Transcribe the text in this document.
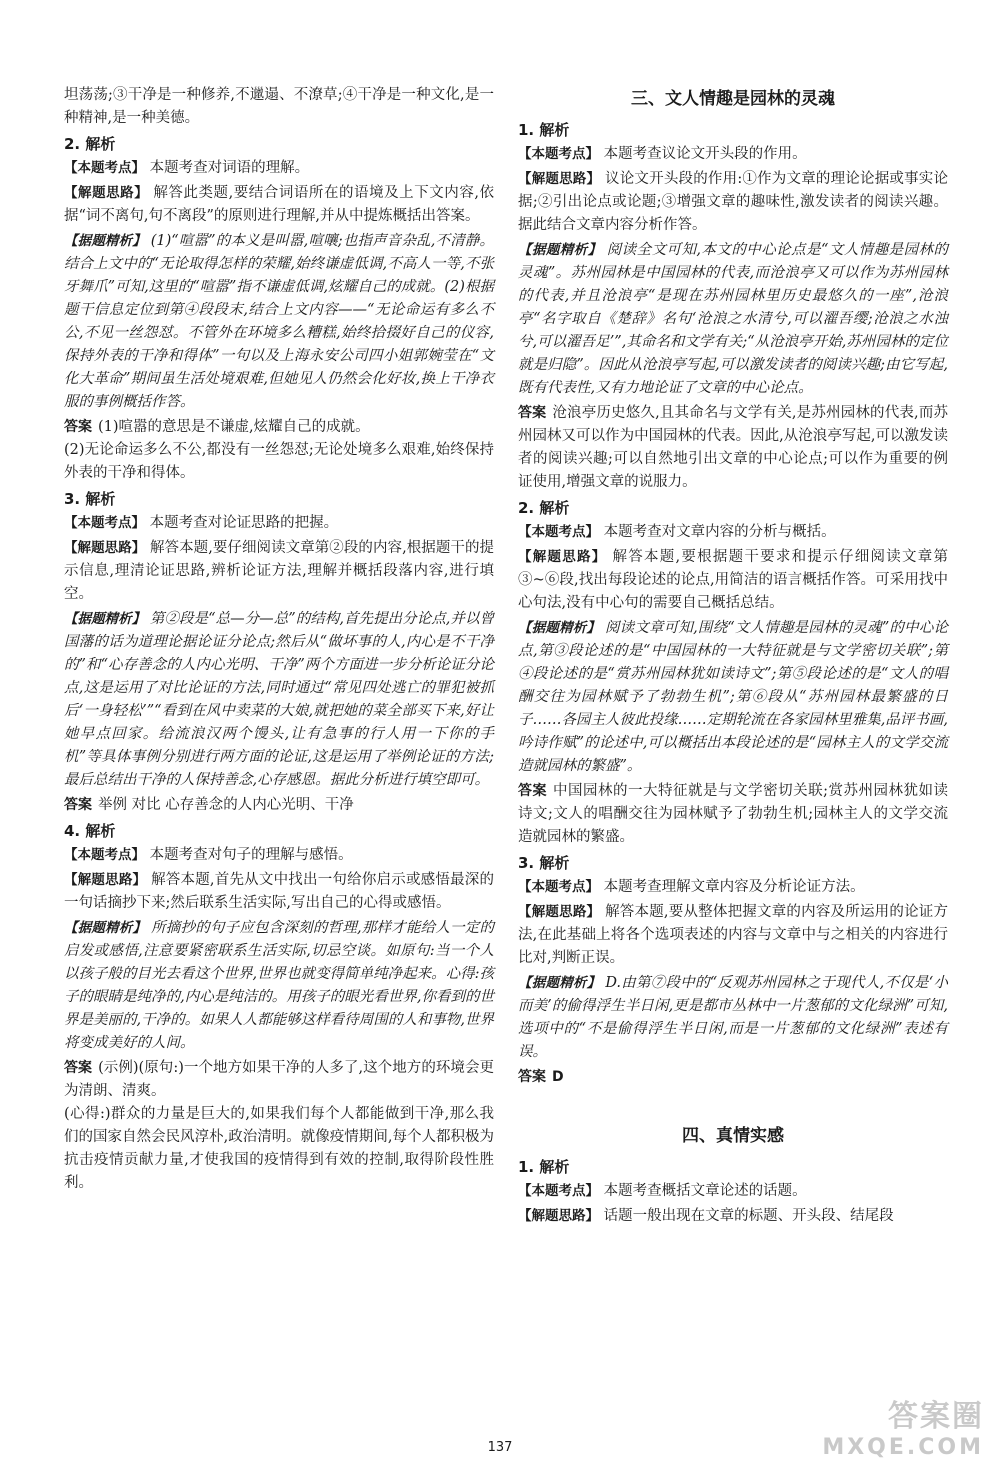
坦荡荡;③干净是一种修养,不邋遢、不潦草;④干净是一种文化,是一种精神,是一种美德。

2. 解析

【本题考点】 本题考查对词语的理解。

【解题思路】 解答此类题,要结合词语所在的语境及上下文内容,依据“词不离句,句不离段”的原则进行理解,并从中提炼概括出答案。

【据题精析】 (1)“喧嚣”的本义是叫嚣,喧嚷;也指声音杂乱,不清静。结合上文中的“无论取得怎样的荣耀,始终谦虚低调,不高人一等,不张牙舞爪”可知,这里的“喧嚣”指不谦虚低调,炫耀自己的成就。(2)根据题干信息定位到第④段段末,结合上文内容——“无论命运有多么不公,不见一丝怨怼。不管外在环境多么糟糕,始终拾掇好自己的仪容,保持外表的干净和得体”一句以及上海永安公司四小姐郭婉莹在“文化大革命”期间虽生活处境艰难,但她见人仍然会化好妆,换上干净衣服的事例概括作答。

答案 (1)喧嚣的意思是不谦虚,炫耀自己的成就。

(2)无论命运多么不公,都没有一丝怨怼;无论处境多么艰难,始终保持外表的干净和得体。

3. 解析

【本题考点】 本题考查对论证思路的把握。

【解题思路】 解答本题,要仔细阅读文章第②段的内容,根据题干的提示信息,理清论证思路,辨析论证方法,理解并概括段落内容,进行填空。

【据题精析】 第②段是“总—分—总”的结构,首先提出分论点,并以曾国藩的话为道理论据论证分论点;然后从“做坏事的人,内心是不干净的”和“心存善念的人内心光明、干净”两个方面进一步分析论证分论点,这是运用了对比论证的方法,同时通过“常见四处逃亡的罪犯被抓后‘一身轻松’”“看到在风中卖菜的大娘,就把她的菜全部买下来,好让她早点回家。给流浪汉两个馒头,让有急事的行人用一下你的手机”等具体事例分别进行两方面的论证,这是运用了举例论证的方法;最后总结出干净的人保持善念,心存感恩。据此分析进行填空即可。

答案 举例 对比 心存善念的人内心光明、干净

4. 解析

【本题考点】 本题考查对句子的理解与感悟。

【解题思路】 解答本题,首先从文中找出一句给你启示或感悟最深的一句话摘抄下来;然后联系生活实际,写出自己的心得或感悟。

【据题精析】 所摘抄的句子应包含深刻的哲理,那样才能给人一定的启发或感悟,注意要紧密联系生活实际,切忌空谈。如原句:当一个人以孩子般的目光去看这个世界,世界也就变得简单纯净起来。心得:孩子的眼睛是纯净的,内心是纯洁的。用孩子的眼光看世界,你看到的世界是美丽的,干净的。如果人人都能够这样看待周围的人和事物,世界将变成美好的人间。

答案 (示例)(原句:)一个地方如果干净的人多了,这个地方的环境会更为清朗、清爽。

(心得:)群众的力量是巨大的,如果我们每个人都能做到干净,那么我们的国家自然会民风淳朴,政治清明。就像疫情期间,每个人都积极为抗击疫情贡献力量,才使我国的疫情得到有效的控制,取得阶段性胜利。

三、文人情趣是园林的灵魂
1. 解析

【本题考点】 本题考查议论文开头段的作用。

【解题思路】 议论文开头段的作用:①作为文章的理论论据或事实论据;②引出论点或论题;③增强文章的趣味性,激发读者的阅读兴趣。据此结合文章内容分析作答。

【据题精析】 阅读全文可知,本文的中心论点是“文人情趣是园林的灵魂”。苏州园林是中国园林的代表,而沧浪亭又可以作为苏州园林的代表,并且沧浪亭“是现在苏州园林里历史最悠久的一座”,沧浪亭“名字取自《楚辞》名句‘沧浪之水清兮,可以濯吾缨;沧浪之水浊兮,可以濯吾足’”,其命名和文学有关;“从沧浪亭开始,苏州园林的定位就是归隐”。因此从沧浪亭写起,可以激发读者的阅读兴趣;由它写起,既有代表性,又有力地论证了文章的中心论点。

答案 沧浪亭历史悠久,且其命名与文学有关,是苏州园林的代表,而苏州园林又可以作为中国园林的代表。因此,从沧浪亭写起,可以激发读者的阅读兴趣;可以自然地引出文章的中心论点;可以作为重要的例证使用,增强文章的说服力。

2. 解析

【本题考点】 本题考查对文章内容的分析与概括。

【解题思路】 解答本题,要根据题干要求和提示仔细阅读文章第③~⑥段,找出每段论述的论点,用简洁的语言概括作答。可采用找中心句法,没有中心句的需要自己概括总结。

【据题精析】 阅读文章可知,围绕“文人情趣是园林的灵魂”的中心论点,第③段论述的是“中国园林的一大特征就是与文学密切关联”;第④段论述的是“赏苏州园林犹如读诗文”;第⑤段论述的是“文人的唱酬交往为园林赋予了勃勃生机”;第⑥段从“苏州园林最繁盛的日子……各园主人彼此投缘……定期轮流在各家园林里雅集,品评书画,吟诗作赋”的论述中,可以概括出本段论述的是“园林主人的文学交流造就园林的繁盛”。

答案 中国园林的一大特征就是与文学密切关联;赏苏州园林犹如读诗文;文人的唱酬交往为园林赋予了勃勃生机;园林主人的文学交流造就园林的繁盛。

3. 解析

【本题考点】 本题考查理解文章内容及分析论证方法。

【解题思路】 解答本题,要从整体把握文章的内容及所运用的论证方法,在此基础上将各个选项表述的内容与文章中与之相关的内容进行比对,判断正误。

【据题精析】 D.由第⑦段中的“反观苏州园林之于现代人,不仅是‘小而美’的偷得浮生半日闲,更是都市丛林中一片葱郁的文化绿洲”可知,选项中的“不是偷得浮生半日闲,而是一片葱郁的文化绿洲”表述有误。

答案 D

四、真情实感
1. 解析

【本题考点】 本题考查概括文章论述的话题。

【解题思路】 话题一般出现在文章的标题、开头段、结尾段

137
答案圈
MXQE.COM
